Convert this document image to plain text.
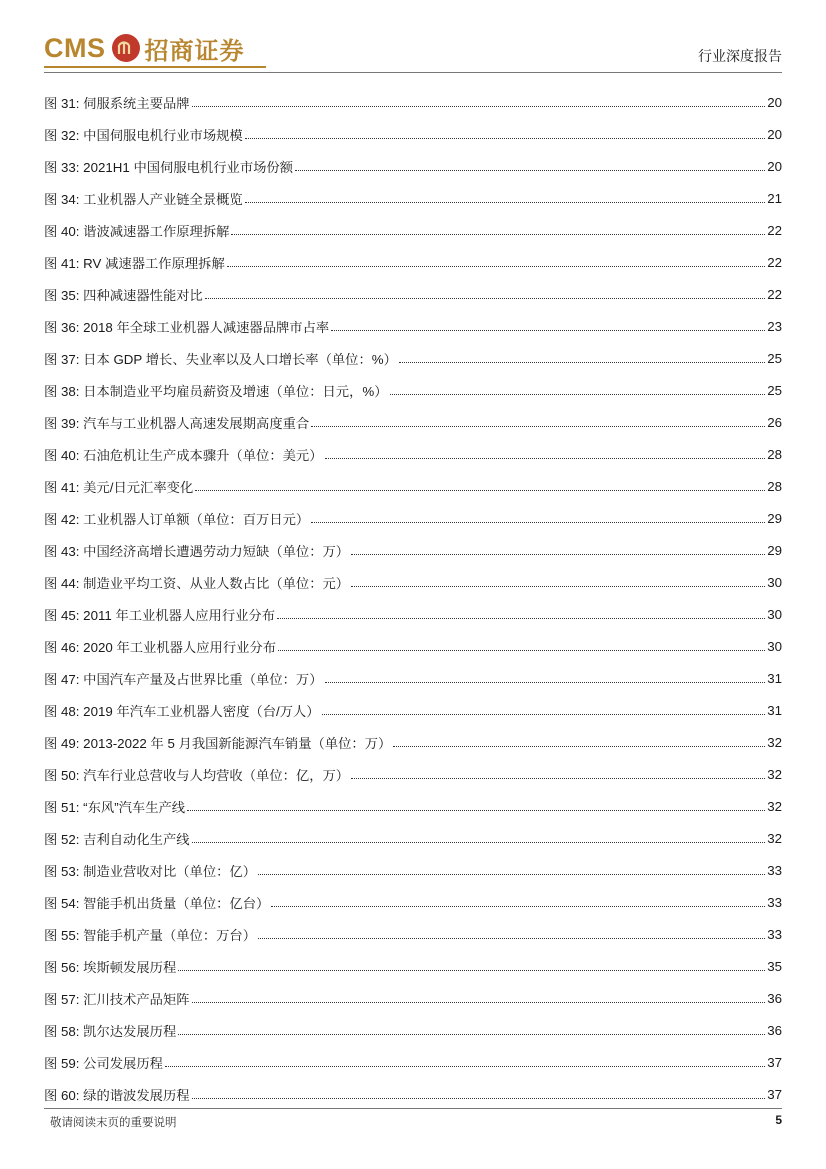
CMS 招商证券	行业深度报告
图 31: 伺服系统主要品牌	20
图 32: 中国伺服电机行业市场规模	20
图 33: 2021H1 中国伺服电机行业市场份额	20
图 34: 工业机器人产业链全景概览	21
图 40: 谐波减速器工作原理拆解	22
图 41: RV 减速器工作原理拆解	22
图 35: 四种减速器性能对比	22
图 36: 2018 年全球工业机器人减速器品牌市占率	23
图 37: 日本 GDP 增长、失业率以及人口增长率（单位：%）	25
图 38: 日本制造业平均雇员薪资及增速（单位：日元，%）	25
图 39: 汽车与工业机器人高速发展期高度重合	26
图 40: 石油危机让生产成本骤升（单位：美元）	28
图 41: 美元/日元汇率变化	28
图 42: 工业机器人订单额（单位：百万日元）	29
图 43: 中国经济高增长遭遇劳动力短缺（单位：万）	29
图 44: 制造业平均工资、从业人数占比（单位：元）	30
图 45: 2011 年工业机器人应用行业分布	30
图 46: 2020 年工业机器人应用行业分布	30
图 47: 中国汽车产量及占世界比重（单位：万）	31
图 48: 2019 年汽车工业机器人密度（台/万人）	31
图 49: 2013-2022 年 5 月我国新能源汽车销量（单位：万）	32
图 50: 汽车行业总营收与人均营收（单位：亿，万）	32
图 51: “东风”汽车生产线	32
图 52: 吉利自动化生产线	32
图 53: 制造业营收对比（单位：亿）	33
图 54: 智能手机出货量（单位：亿台）	33
图 55: 智能手机产量（单位：万台）	33
图 56: 埃斯顿发展历程	35
图 57: 汇川技术产品矩阵	36
图 58: 凯尔达发展历程	36
图 59: 公司发展历程	37
图 60: 绿的谐波发展历程	37
敬请阅读末页的重要说明	5
